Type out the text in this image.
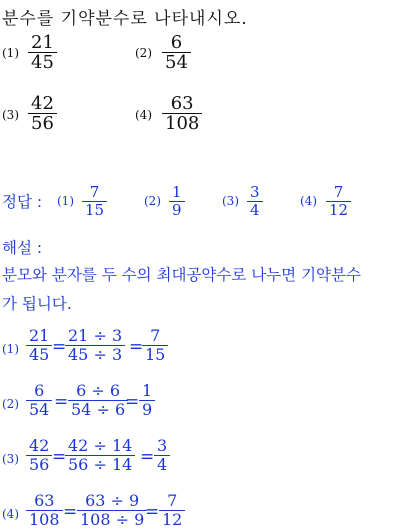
분수를 기약분수로 나타내시오.
$(1) \frac{21}{45}$	$(2) \frac{6}{54}$
$(3) \frac{42}{56}$	$(4) \frac{63}{108}$
정답 : $(1) \frac{7}{15}$	$(2) \frac{1}{9}$	$(3) \frac{3}{4}$	$(4) \frac{7}{12}$
해설 :
분모와 분자를 두 수의 최대공약수로 나누면 기약분수
가 됩니다.
$(1) \frac{21}{45}$ =
$\frac{21 \div 3}{45 \div 3}$ =
$\frac{7}{15}$
$(2) \frac{6}{54} = \frac{6 \div 6}{54 \div 6}$
= $\frac{1}{9}$
$(3) \frac{42}{56}$ =
$\frac{42 \div 14}{56 \div 14} = \frac{3}{4}$
$(4) \frac{63}{108} = \frac{63 \div 9}{108 \div 9}$
= $\frac{7}{12}$
